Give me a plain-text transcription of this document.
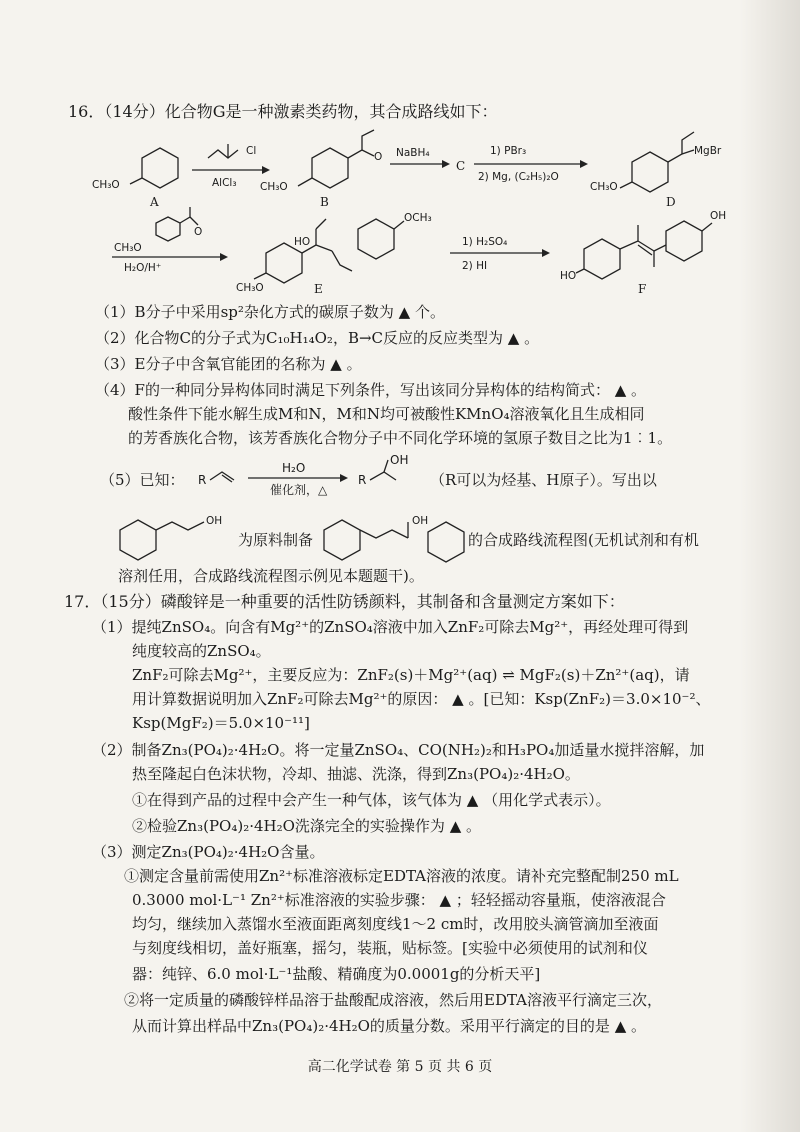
16．（14分）化合物G是一种激素类药物，其合成路线如下：
CH₃O
A
Cl
AlCl₃ CH₃O
O
B
NaBH₄
C
1) PBr₃
2) Mg, (C₂H₅)₂O
CH₃O
MgBr
D
CH₃O
O
H₂O/H⁺
CH₃O
HO
OCH₃
E
1) H₂SO₄
2) HI
HO
OH
F
（1）B分子中采用sp²杂化方式的碳原子数为 ▲ 个。
（2）化合物C的分子式为C₁₀H₁₄O₂，B→C反应的反应类型为 ▲ 。
（3）E分子中含氧官能团的名称为 ▲ 。
（4）F的一种同分异构体同时满足下列条件，写出该同分异构体的结构简式： ▲ 。
酸性条件下能水解生成M和N，M和N均可被酸性KMnO₄溶液氧化且生成相同
的芳香族化合物，该芳香族化合物分子中不同化学环境的氢原子数目之比为1︰1。
（5）已知： R
H₂O
催化剂，△
R
OH
（R可以为烃基、H原子）。写出以
OH
为原料制备
OH
的合成路线流程图(无机试剂和有机
溶剂任用，合成路线流程图示例见本题题干)。
17．（15分）磷酸锌是一种重要的活性防锈颜料，其制备和含量测定方案如下：
（1）提纯ZnSO₄。向含有Mg²⁺的ZnSO₄溶液中加入ZnF₂可除去Mg²⁺，再经处理可得到
纯度较高的ZnSO₄。
ZnF₂可除去Mg²⁺，主要反应为：ZnF₂(s)＋Mg²⁺(aq) ⇌ MgF₂(s)＋Zn²⁺(aq)，请
用计算数据说明加入ZnF₂可除去Mg²⁺的原因： ▲ 。[已知：Ksp(ZnF₂)＝3.0×10⁻²、
Ksp(MgF₂)＝5.0×10⁻¹¹]
（2）制备Zn₃(PO₄)₂·4H₂O。将一定量ZnSO₄、CO(NH₂)₂和H₃PO₄加适量水搅拌溶解，加
热至隆起白色沫状物，冷却、抽滤、洗涤，得到Zn₃(PO₄)₂·4H₂O。
①在得到产品的过程中会产生一种气体，该气体为 ▲ （用化学式表示）。
②检验Zn₃(PO₄)₂·4H₂O洗涤完全的实验操作为 ▲ 。
（3）测定Zn₃(PO₄)₂·4H₂O含量。
①测定含量前需使用Zn²⁺标准溶液标定EDTA溶液的浓度。请补充完整配制250 mL
0.3000 mol·L⁻¹ Zn²⁺标准溶液的实验步骤： ▲ ；轻轻摇动容量瓶，使溶液混合
均匀，继续加入蒸馏水至液面距离刻度线1～2 cm时，改用胶头滴管滴加至液面
与刻度线相切，盖好瓶塞，摇匀，装瓶，贴标签。[实验中必须使用的试剂和仪
器：纯锌、6.0 mol·L⁻¹盐酸、精确度为0.0001g的分析天平]
②将一定质量的磷酸锌样品溶于盐酸配成溶液，然后用EDTA溶液平行滴定三次，
从而计算出样品中Zn₃(PO₄)₂·4H₂O的质量分数。采用平行滴定的目的是 ▲ 。
高二化学试卷 第 5 页 共 6 页
